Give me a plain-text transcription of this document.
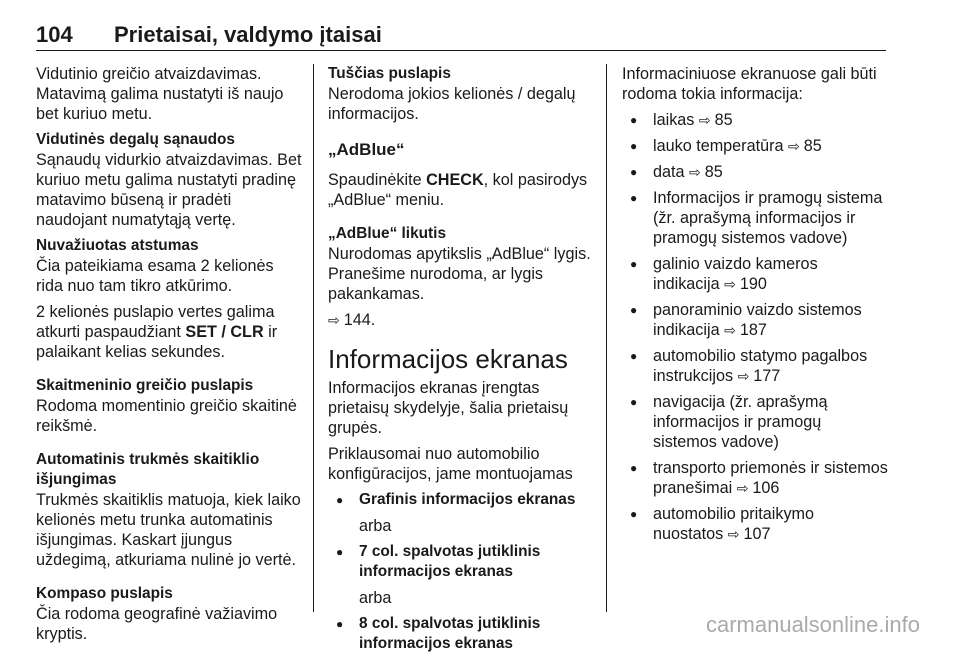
104 Prietaisai, valdymo įtaisai

Vidutinio greičio atvaizdavimas. Matavimą galima nustatyti iš naujo bet kuriuo metu.

Vidutinės degalų sąnaudos
Sąnaudų vidurkio atvaizdavimas. Bet kuriuo metu galima nustatyti pradinę matavimo būseną ir pradėti naudojant numatytąją vertę.

Nuvažiuotas atstumas
Čia pateikiama esama 2 kelionės rida nuo tam tikro atkūrimo.

2 kelionės puslapio vertes galima atkurti paspaudžiant SET / CLR ir palaikant kelias sekundes.

Skaitmeninio greičio puslapis
Rodoma momentinio greičio skaitinė reikšmė.

Automatinis trukmės skaitiklio išjungimas
Trukmės skaitiklis matuoja, kiek laiko kelionės metu trunka automatinis išjungimas. Kaskart įjungus uždegimą, atkuriama nulinė jo vertė.

Kompaso puslapis
Čia rodoma geografinė važiavimo kryptis.

Tuščias puslapis
Nerodoma jokios kelionės / degalų informacijos.

„AdBlue“

Spaudinėkite CHECK, kol pasirodys „AdBlue“ meniu.

„AdBlue“ likutis
Nurodomas apytikslis „AdBlue“ lygis. Pranešime nurodoma, ar lygis pakankamas.

⇨ 144.

Informacijos ekranas

Informacijos ekranas įrengtas prietaisų skydelyje, šalia prietaisų grupės.

Priklausomai nuo automobilio konfigūracijos, jame montuojamas

● Grafinis informacijos ekranas
arba
● 7 col. spalvotas jutiklinis informacijos ekranas
arba
● 8 col. spalvotas jutiklinis informacijos ekranas

Informaciniuose ekranuose gali būti rodoma tokia informacija:

● laikas ⇨ 85
● lauko temperatūra ⇨ 85
● data ⇨ 85
● Informacijos ir pramogų sistema (žr. aprašymą informacijos ir pramogų sistemos vadove)
● galinio vaizdo kameros indikacija ⇨ 190
● panoraminio vaizdo sistemos indikacija ⇨ 187
● automobilio statymo pagalbos instrukcijos ⇨ 177
● navigacija (žr. aprašymą informacijos ir pramogų sistemos vadove)
● transporto priemonės ir sistemos pranešimai ⇨ 106
● automobilio pritaikymo nuostatos ⇨ 107
carmanualsonline.info
